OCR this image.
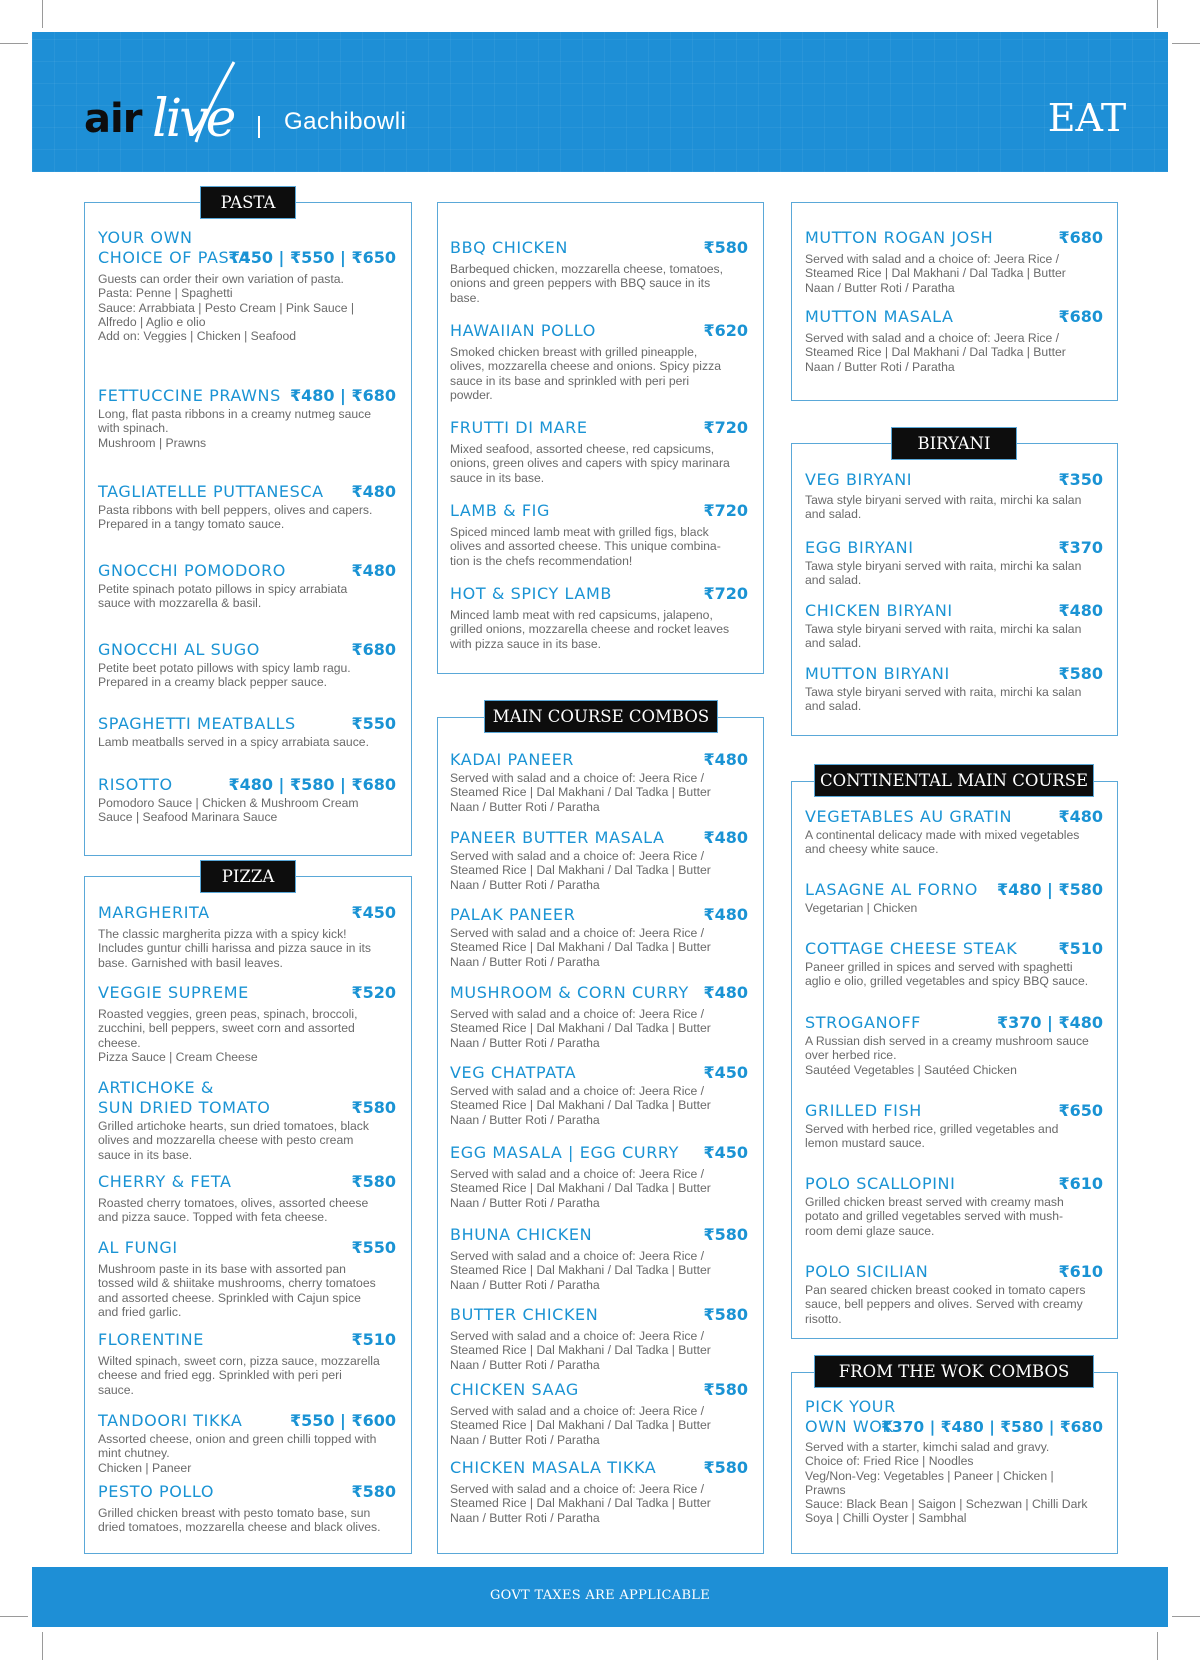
air live Gachibowli	EAT
PASTA
YOUR OWN
CHOICE OF PASTA
₹450 | ₹550 | ₹650
Guests can order their own variation of pasta.
Pasta: Penne | Spaghetti
Sauce: Arrabbiata | Pesto Cream | Pink Sauce |
Alfredo | Aglio e olio
Add on: Veggies | Chicken | Seafood
FETTUCCINE PRAWNS ₹480 | ₹680
Long, flat pasta ribbons in a creamy nutmeg sauce
with spinach.
Mushroom | Prawns
TAGLIATELLE PUTTANESCA	₹480
Pasta ribbons with bell peppers, olives and capers.
Prepared in a tangy tomato sauce.
GNOCCHI POMODORO	₹480
Petite spinach potato pillows in spicy arrabiata
sauce with mozzarella & basil.
GNOCCHI AL SUGO	₹680
Petite beet potato pillows with spicy lamb ragu.
Prepared in a creamy black pepper sauce.
SPAGHETTI MEATBALLS	₹550
Lamb meatballs served in a spicy arrabiata sauce.
RISOTTO	₹480 | ₹580 | ₹680
Pomodoro Sauce | Chicken & Mushroom Cream
Sauce | Seafood Marinara Sauce
PIZZA
MARGHERITA	₹450
The classic margherita pizza with a spicy kick!
Includes guntur chilli harissa and pizza sauce in its
base. Garnished with basil leaves.
VEGGIE SUPREME	₹520
Roasted veggies, green peas, spinach, broccoli,
zucchini, bell peppers, sweet corn and assorted
cheese.
Pizza Sauce | Cream Cheese
ARTICHOKE &
SUN DRIED TOMATO	₹580
Grilled artichoke hearts, sun dried tomatoes, black
olives and mozzarella cheese with pesto cream
sauce in its base.
CHERRY & FETA	₹580
Roasted cherry tomatoes, olives, assorted cheese
and pizza sauce. Topped with feta cheese.
AL FUNGI	₹550
Mushroom paste in its base with assorted pan
tossed wild & shiitake mushrooms, cherry tomatoes
and assorted cheese. Sprinkled with Cajun spice
and fried garlic.
FLORENTINE	₹510
Wilted spinach, sweet corn, pizza sauce, mozzarella
cheese and fried egg. Sprinkled with peri peri
sauce.
TANDOORI TIKKA	₹550 | ₹600
Assorted cheese, onion and green chilli topped with
mint chutney.
Chicken | Paneer
PESTO POLLO	₹580
Grilled chicken breast with pesto tomato base, sun
dried tomatoes, mozzarella cheese and black olives.
BBQ CHICKEN	₹580
Barbequed chicken, mozzarella cheese, tomatoes,
onions and green peppers with BBQ sauce in its
base.
HAWAIIAN POLLO	₹620
Smoked chicken breast with grilled pineapple,
olives, mozzarella cheese and onions. Spicy pizza
sauce in its base and sprinkled with peri peri
powder.
FRUTTI DI MARE	₹720
Mixed seafood, assorted cheese, red capsicums,
onions, green olives and capers with spicy marinara
sauce in its base.
LAMB & FIG	₹720
Spiced minced lamb meat with grilled figs, black
olives and assorted cheese. This unique combina-
tion is the chefs recommendation!
HOT & SPICY LAMB	₹720
Minced lamb meat with red capsicums, jalapeno,
grilled onions, mozzarella cheese and rocket leaves
with pizza sauce in its base.
MAIN COURSE COMBOS
KADAI PANEER	₹480
Served with salad and a choice of: Jeera Rice /
Steamed Rice | Dal Makhani / Dal Tadka | Butter
Naan / Butter Roti / Paratha
PANEER BUTTER MASALA	₹480
Served with salad and a choice of: Jeera Rice /
Steamed Rice | Dal Makhani / Dal Tadka | Butter
Naan / Butter Roti / Paratha
PALAK PANEER	₹480
Served with salad and a choice of: Jeera Rice /
Steamed Rice | Dal Makhani / Dal Tadka | Butter
Naan / Butter Roti / Paratha
MUSHROOM & CORN CURRY ₹480
Served with salad and a choice of: Jeera Rice /
Steamed Rice | Dal Makhani / Dal Tadka | Butter
Naan / Butter Roti / Paratha
VEG CHATPATA	₹450
Served with salad and a choice of: Jeera Rice /
Steamed Rice | Dal Makhani / Dal Tadka | Butter
Naan / Butter Roti / Paratha
EGG MASALA | EGG CURRY	₹450
Served with salad and a choice of: Jeera Rice /
Steamed Rice | Dal Makhani / Dal Tadka | Butter
Naan / Butter Roti / Paratha
BHUNA CHICKEN	₹580
Served with salad and a choice of: Jeera Rice /
Steamed Rice | Dal Makhani / Dal Tadka | Butter
Naan / Butter Roti / Paratha
BUTTER CHICKEN	₹580
Served with salad and a choice of: Jeera Rice /
Steamed Rice | Dal Makhani / Dal Tadka | Butter
Naan / Butter Roti / Paratha
CHICKEN SAAG	₹580
Served with salad and a choice of: Jeera Rice /
Steamed Rice | Dal Makhani / Dal Tadka | Butter
Naan / Butter Roti / Paratha
CHICKEN MASALA TIKKA	₹580
Served with salad and a choice of: Jeera Rice /
Steamed Rice | Dal Makhani / Dal Tadka | Butter
Naan / Butter Roti / Paratha
MUTTON ROGAN JOSH	₹680
Served with salad and a choice of: Jeera Rice /
Steamed Rice | Dal Makhani / Dal Tadka | Butter
Naan / Butter Roti / Paratha
MUTTON MASALA	₹680
Served with salad and a choice of: Jeera Rice /
Steamed Rice | Dal Makhani / Dal Tadka | Butter
Naan / Butter Roti / Paratha
BIRYANI
VEG BIRYANI	₹350
Tawa style biryani served with raita, mirchi ka salan
and salad.
EGG BIRYANI	₹370
Tawa style biryani served with raita, mirchi ka salan
and salad.
CHICKEN BIRYANI	₹480
Tawa style biryani served with raita, mirchi ka salan
and salad.
MUTTON BIRYANI	₹580
Tawa style biryani served with raita, mirchi ka salan
and salad.
CONTINENTAL MAIN COURSE
VEGETABLES AU GRATIN	₹480
A continental delicacy made with mixed vegetables
and cheesy white sauce.
LASAGNE AL FORNO	₹480 | ₹580
Vegetarian | Chicken
COTTAGE CHEESE STEAK	₹510
Paneer grilled in spices and served with spaghetti
aglio e olio, grilled vegetables and spicy BBQ sauce.
STROGANOFF	₹370 | ₹480
A Russian dish served in a creamy mushroom sauce
over herbed rice.
Sautéed Vegetables | Sautéed Chicken
GRILLED FISH	₹650
Served with herbed rice, grilled vegetables and
lemon mustard sauce.
POLO SCALLOPINI	₹610
Grilled chicken breast served with creamy mash
potato and grilled vegetables served with mush-
room demi glaze sauce.
POLO SICILIAN	₹610
Pan seared chicken breast cooked in tomato capers
sauce, bell peppers and olives. Served with creamy
risotto.
FROM THE WOK COMBOS
PICK YOUR
OWN WOK
₹370 | ₹480 | ₹580 | ₹680
Served with a starter, kimchi salad and gravy.
Choice of: Fried Rice | Noodles
Veg/Non-Veg: Vegetables | Paneer | Chicken |
Prawns
Sauce: Black Bean | Saigon | Schezwan | Chilli Dark
Soya | Chilli Oyster | Sambhal
GOVT TAXES ARE APPLICABLE
